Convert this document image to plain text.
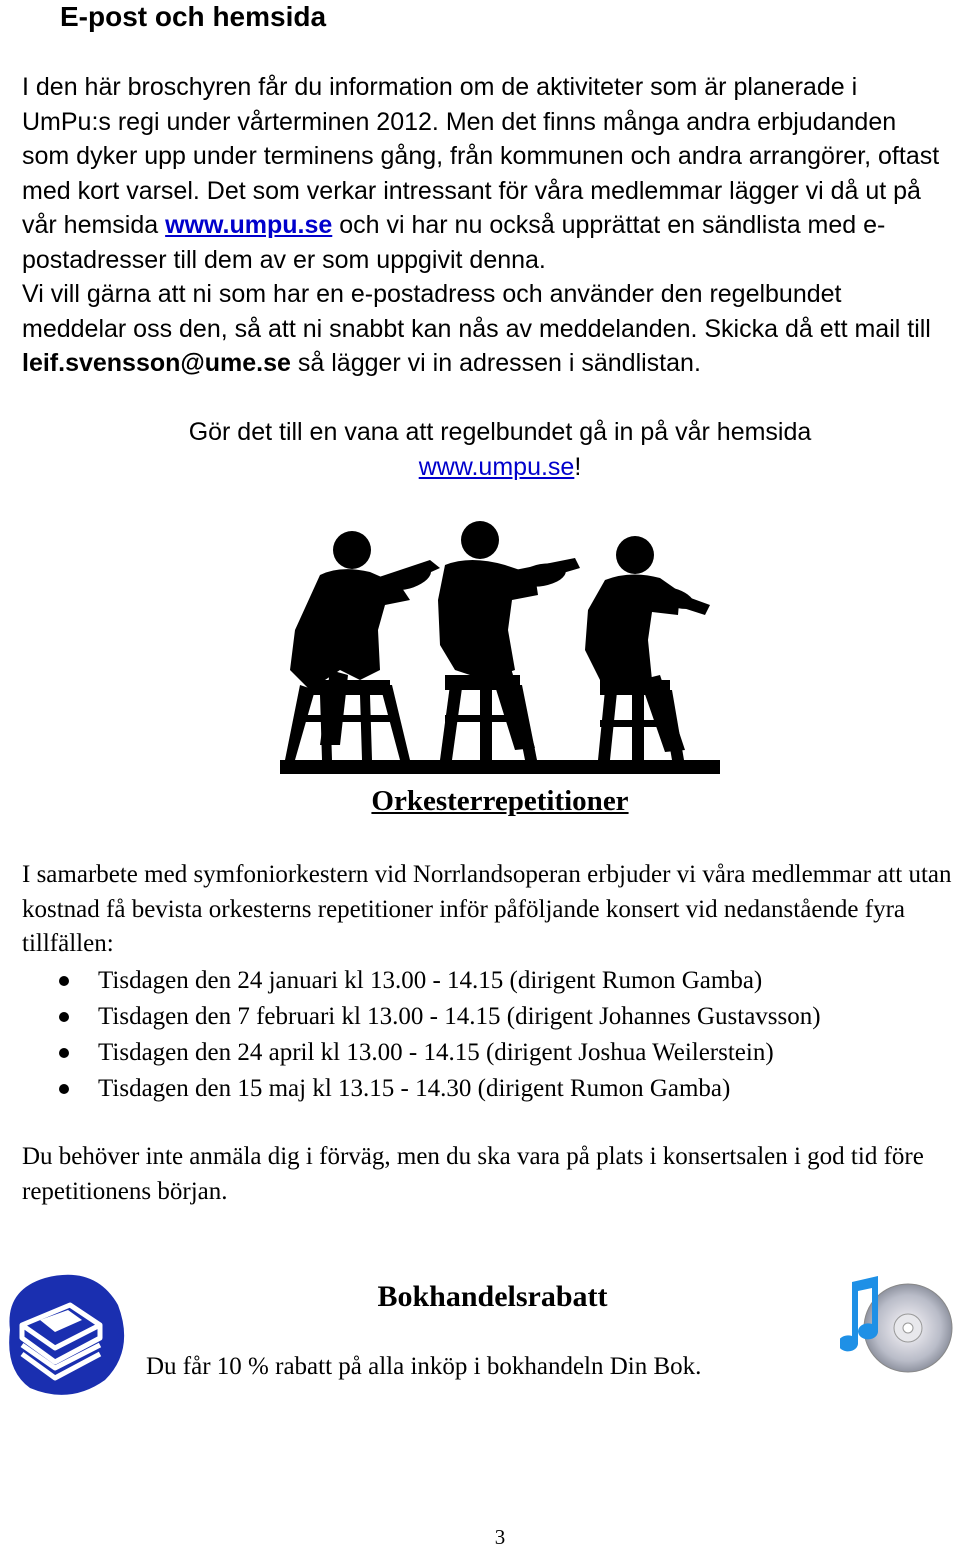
E-post och hemsida

I den här broschyren får du information om de aktiviteter som är planerade i UmPu:s regi under vårterminen 2012. Men det finns många andra erbjudanden som dyker upp under terminens gång, från kommunen och andra arrangörer, oftast med kort varsel. Det som verkar intressant för våra medlemmar lägger vi då ut på vår hemsida www.umpu.se och vi har nu också upprättat en sändlista med e-postadresser till dem av er som uppgivit denna.

Vi vill gärna att ni som har en e-postadress och använder den regelbundet meddelar oss den, så att ni snabbt kan nås av meddelanden. Skicka då ett mail till leif.svensson@ume.se så lägger vi in adressen i sändlistan.

Gör det till en vana att regelbundet gå in på vår hemsida
www.umpu.se!
Orkesterrepetitioner

I samarbete med symfoniorkestern vid Norrlandsoperan erbjuder vi våra medlemmar att utan kostnad få bevista orkesterns repetitioner inför påföljande konsert vid nedanstående fyra tillfällen:

Tisdagen den 24 januari kl 13.00 - 14.15 (dirigent Rumon Gamba)
Tisdagen den 7 februari kl 13.00 - 14.15 (dirigent Johannes Gustavsson)
Tisdagen den 24 april kl 13.00 - 14.15 (dirigent Joshua Weilerstein)
Tisdagen den 15 maj kl 13.15 - 14.30 (dirigent Rumon Gamba)

Du behöver inte anmäla dig i förväg, men du ska vara på plats i konsertsalen i god tid före repetitionens början.

Bokhandelsrabatt

Du får 10 % rabatt på alla inköp i bokhandeln Din Bok.

3
